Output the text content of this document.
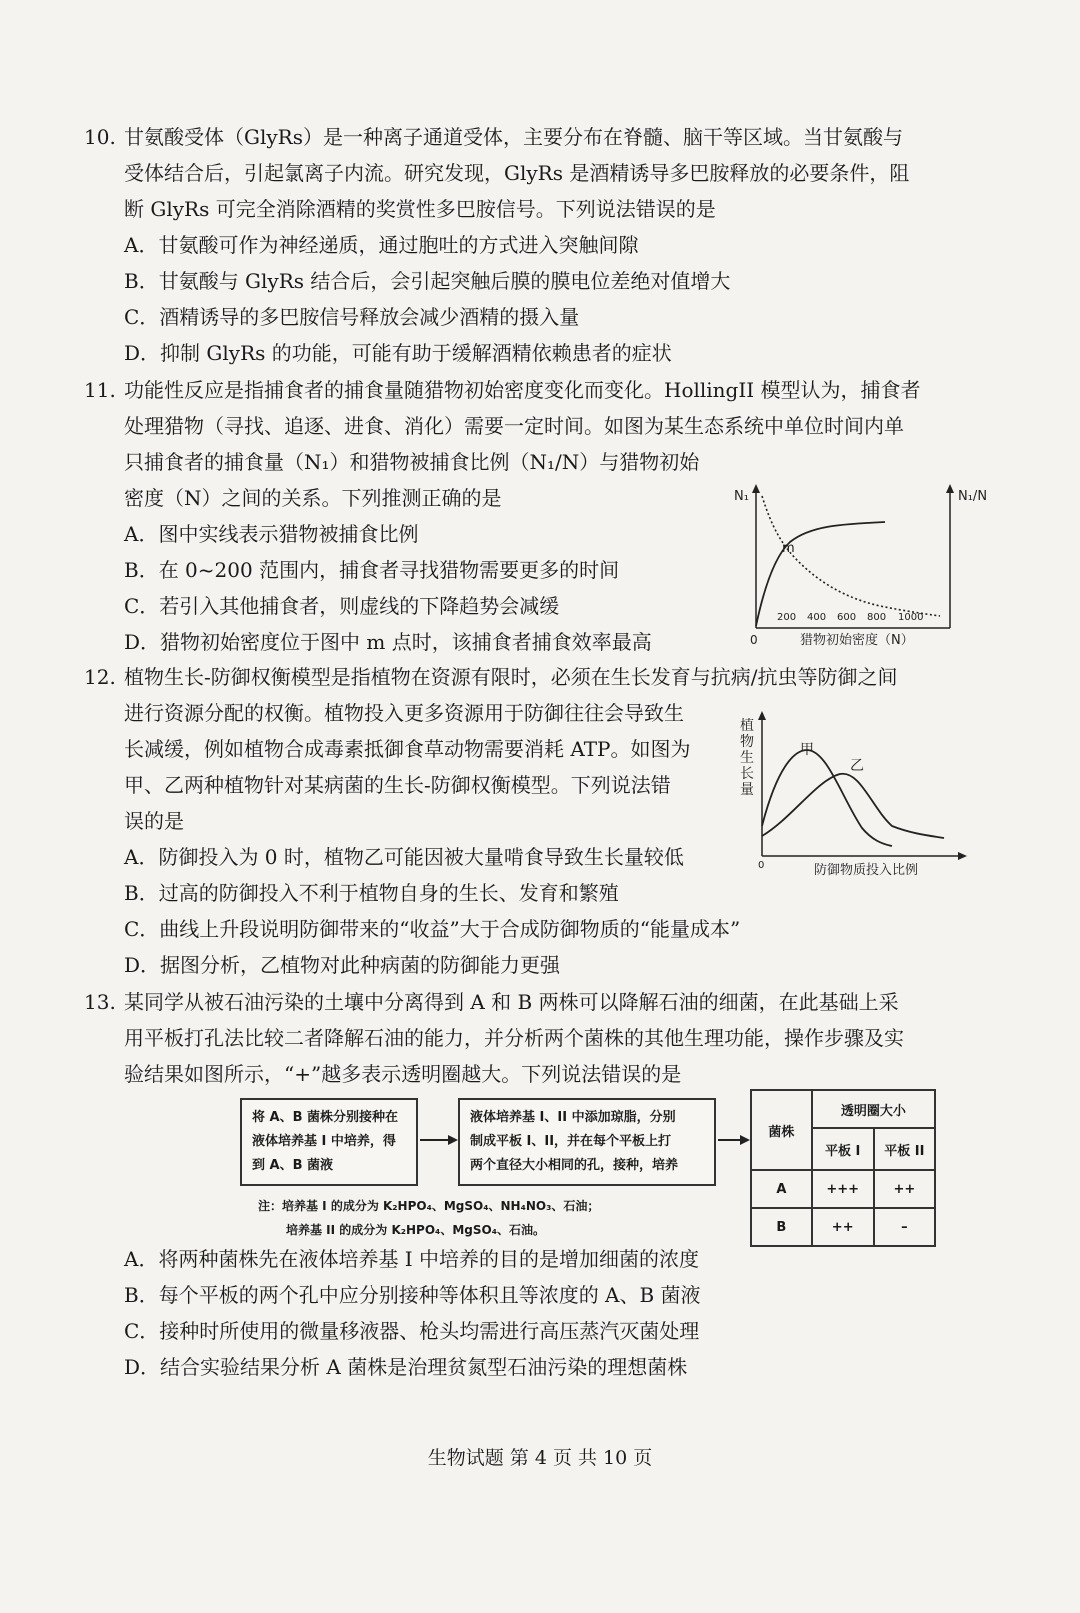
10. 甘氨酸受体（GlyRs）是一种离子通道受体，主要分布在脊髓、脑干等区域。当甘氨酸与
受体结合后，引起氯离子内流。研究发现，GlyRs 是酒精诱导多巴胺释放的必要条件，阻
断 GlyRs 可完全消除酒精的奖赏性多巴胺信号。下列说法错误的是
A．甘氨酸可作为神经递质，通过胞吐的方式进入突触间隙
B．甘氨酸与 GlyRs 结合后，会引起突触后膜的膜电位差绝对值增大
C．酒精诱导的多巴胺信号释放会减少酒精的摄入量
D．抑制 GlyRs 的功能，可能有助于缓解酒精依赖患者的症状
11. 功能性反应是指捕食者的捕食量随猎物初始密度变化而变化。HollingII 模型认为，捕食者
处理猎物（寻找、追逐、进食、消化）需要一定时间。如图为某生态系统中单位时间内单
只捕食者的捕食量（N₁）和猎物被捕食比例（N₁/N）与猎物初始
密度（N）之间的关系。下列推测正确的是
A．图中实线表示猎物被捕食比例
B．在 0~200 范围内，捕食者寻找猎物需要更多的时间
C．若引入其他捕食者，则虚线的下降趋势会减缓
D．猎物初始密度位于图中 m 点时，该捕食者捕食效率最高
N₁	N₁/N
m
0
200 400 600 800 1000
猎物初始密度（N）
12. 植物生长-防御权衡模型是指植物在资源有限时，必须在生长发育与抗病/抗虫等防御之间
进行资源分配的权衡。植物投入更多资源用于防御往往会导致生
长减缓，例如植物合成毒素抵御食草动物需要消耗 ATP。如图为
甲、乙两种植物针对某病菌的生长-防御权衡模型。下列说法错
误的是
A．防御投入为 0 时，植物乙可能因被大量啃食导致生长量较低
B．过高的防御投入不利于植物自身的生长、发育和繁殖
C．曲线上升段说明防御带来的“收益”大于合成防御物质的“能量成本”
D．据图分析，乙植物对此种病菌的防御能力更强
植物生长量
甲
乙
0	防御物质投入比例
13. 某同学从被石油污染的土壤中分离得到 A 和 B 两株可以降解石油的细菌，在此基础上采
用平板打孔法比较二者降解石油的能力，并分析两个菌株的其他生理功能，操作步骤及实
验结果如图所示，“+”越多表示透明圈越大。下列说法错误的是
将 A、B 菌株分别接种在
液体培养基 I 中培养，得
到 A、B 菌液
液体培养基 I、II 中添加琼脂，分别
制成平板 I、II，并在每个平板上打
两个直径大小相同的孔，接种，培养
注：培养基 I 的成分为 K₂HPO₄、MgSO₄、NH₄NO₃、石油；
培养基 II 的成分为 K₂HPO₄、MgSO₄、石油。
菌株	透明圈大小	
	平板 I	平板 II
A	+++	++
B	++	–
A．将两种菌株先在液体培养基 I 中培养的目的是增加细菌的浓度
B．每个平板的两个孔中应分别接种等体积且等浓度的 A、B 菌液
C．接种时所使用的微量移液器、枪头均需进行高压蒸汽灭菌处理
D．结合实验结果分析 A 菌株是治理贫氮型石油污染的理想菌株
生物试题 第 4 页 共 10 页
